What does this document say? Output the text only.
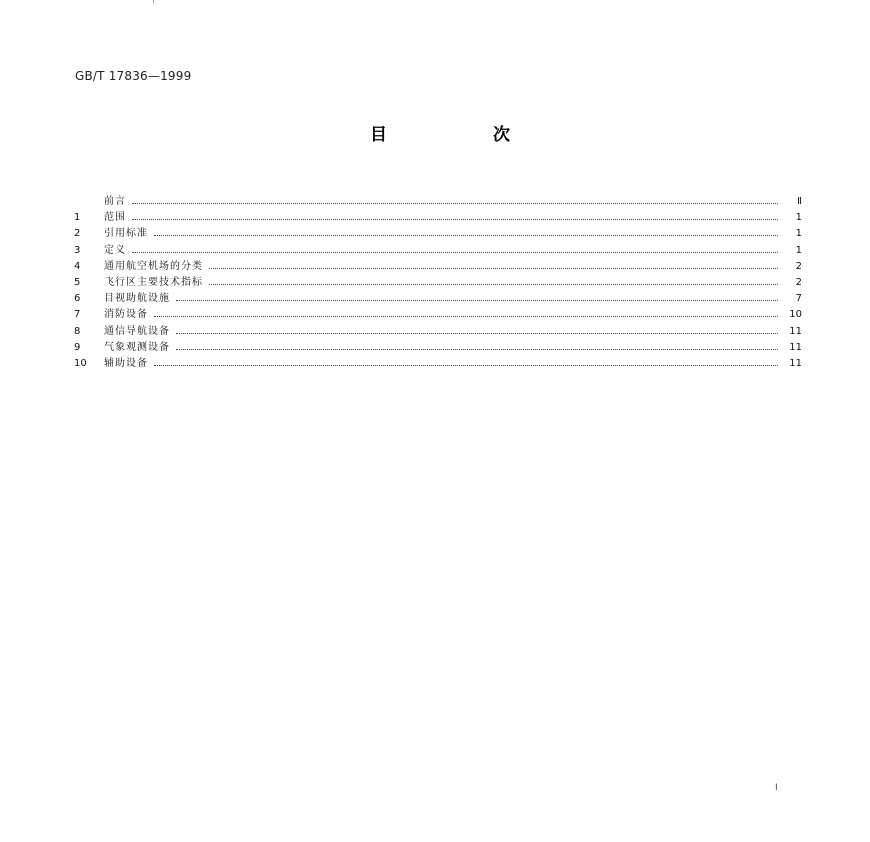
GB/T 17836—1999
目	次
前言	Ⅱ
1	范围	1
2	引用标准	1
3	定义	1
4	通用航空机场的分类	2
5	飞行区主要技术指标	2
6	目视助航设施	7
7	消防设备	10
8	通信导航设备	11
9	气象观测设备	11
10	辅助设备	11
I
